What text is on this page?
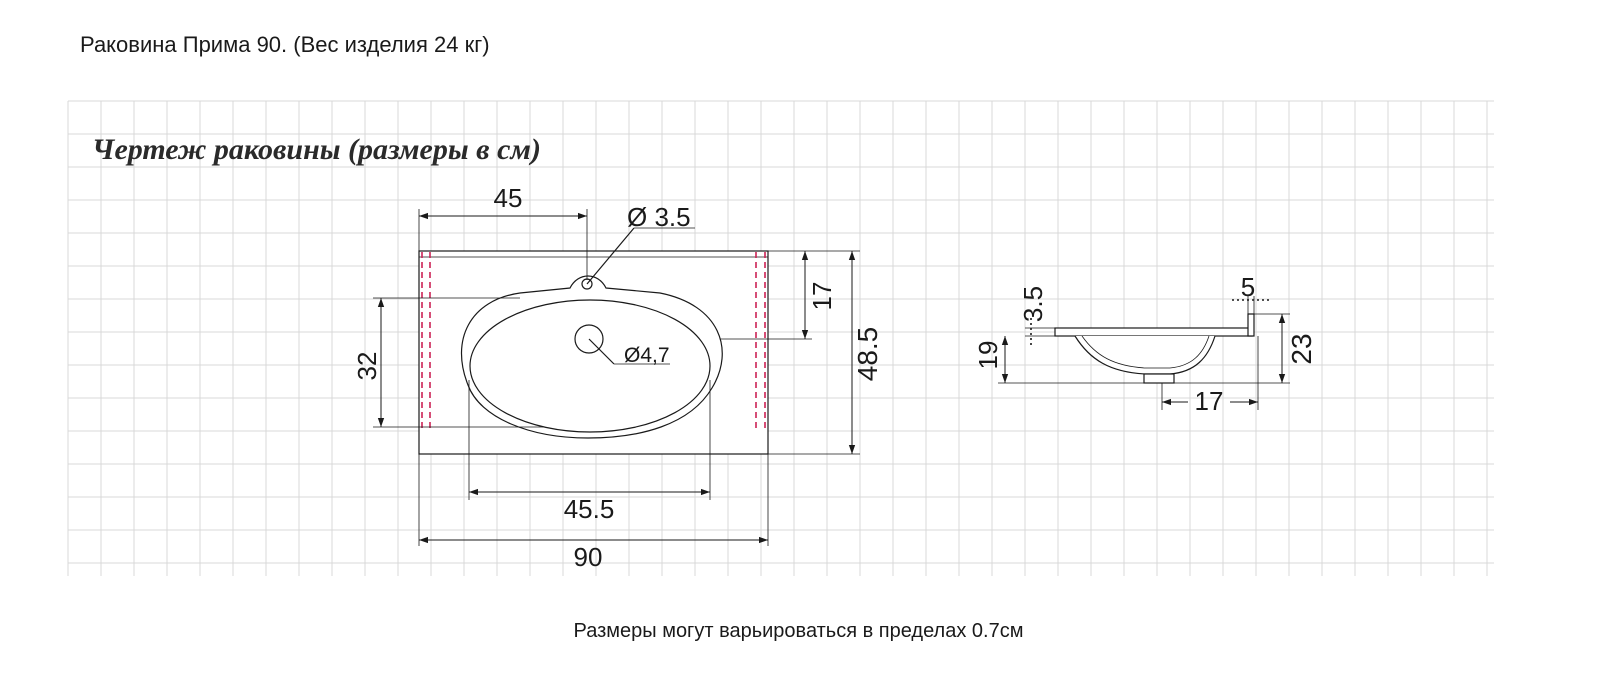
Раковина Прима 90. (Вес изделия 24 кг)
45
Ø 3.5
Ø4,7
32
17
48.5
45.5
90
3.5
19
5
23
17
Чертеж раковины (размеры в см)
Размеры могут варьироваться в пределах 0.7см
